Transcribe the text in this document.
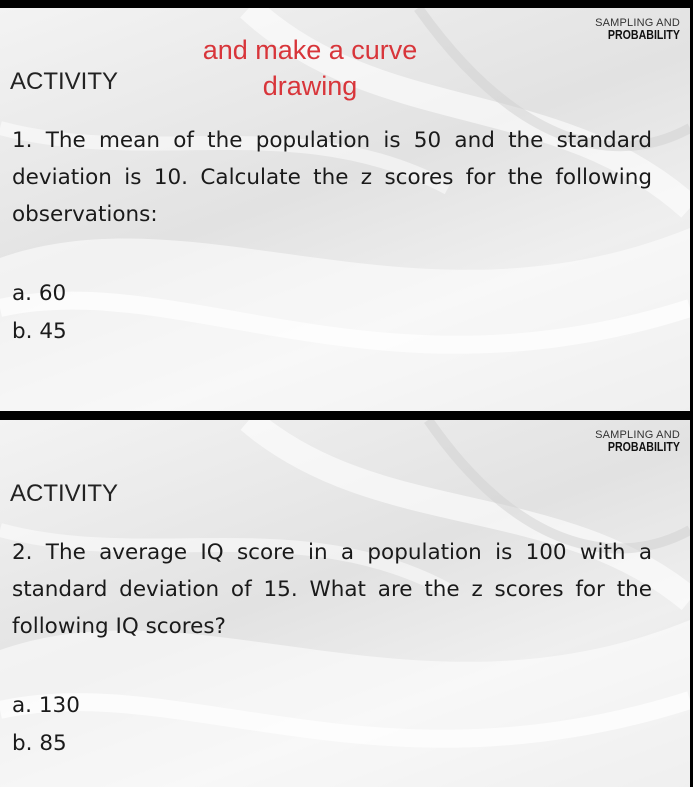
SAMPLING AND
PROBABILITY
and make a curve
drawing
ACTIVITY
1. The mean of the population is 50 and the standard deviation is 10. Calculate the z scores for the following observations:
a. 60
b. 45
SAMPLING AND
PROBABILITY
ACTIVITY
2. The average IQ score in a population is 100 with a standard deviation of 15. What are the z scores for the following IQ scores?
a. 130
b. 85
